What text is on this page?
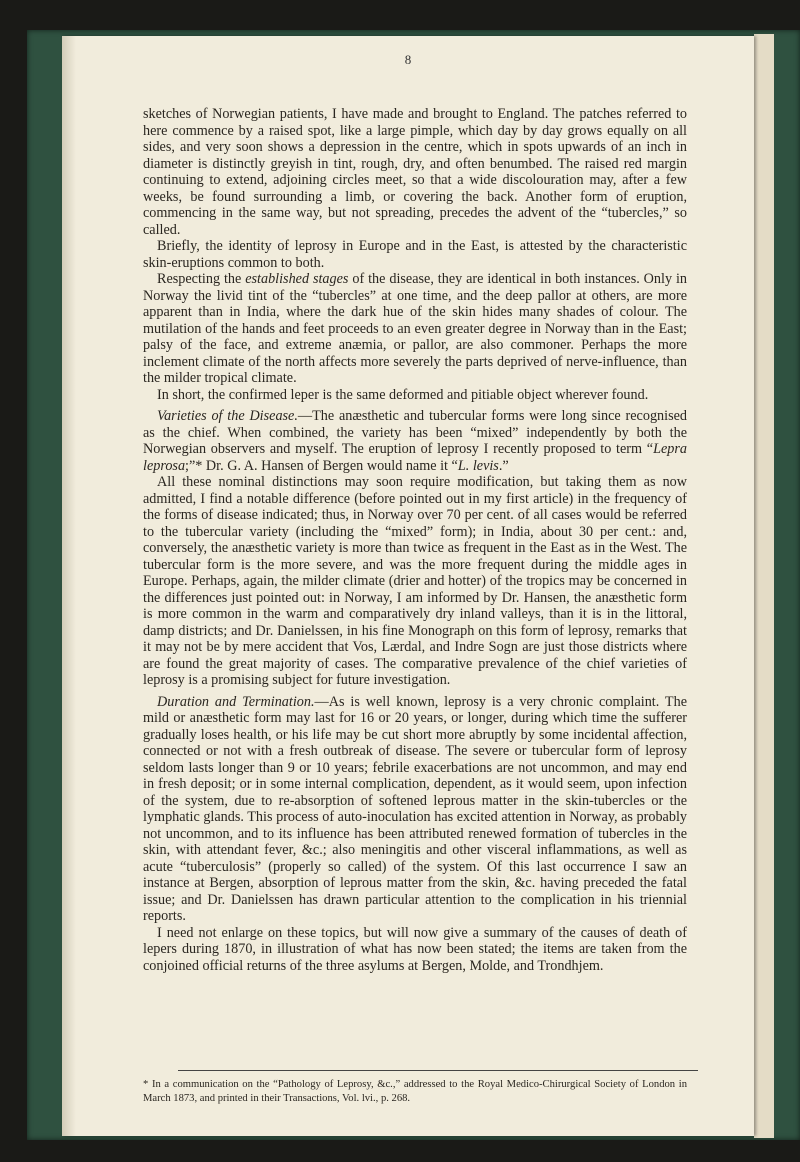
8

sketches of Norwegian patients, I have made and brought to England. The patches referred to here commence by a raised spot, like a large pimple, which day by day grows equally on all sides, and very soon shows a depression in the centre, which in spots upwards of an inch in diameter is distinctly greyish in tint, rough, dry, and often benumbed. The raised red margin continuing to extend, adjoining circles meet, so that a wide discolouration may, after a few weeks, be found surrounding a limb, or covering the back. Another form of eruption, commencing in the same way, but not spreading, precedes the advent of the “tubercles,” so called.

Briefly, the identity of leprosy in Europe and in the East, is attested by the characteristic skin-eruptions common to both.

Respecting the established stages of the disease, they are identical in both instances. Only in Norway the livid tint of the “tubercles” at one time, and the deep pallor at others, are more apparent than in India, where the dark hue of the skin hides many shades of colour. The mutilation of the hands and feet proceeds to an even greater degree in Norway than in the East; palsy of the face, and extreme anæmia, or pallor, are also commoner. Perhaps the more inclement climate of the north affects more severely the parts deprived of nerve-influence, than the milder tropical climate.

In short, the confirmed leper is the same deformed and pitiable object wherever found.

Varieties of the Disease.—The anæsthetic and tubercular forms were long since recognised as the chief. When combined, the variety has been “mixed” independently by both the Norwegian observers and myself. The eruption of leprosy I recently proposed to term “Lepra leprosa;”* Dr. G. A. Hansen of Bergen would name it “L. levis.”

All these nominal distinctions may soon require modification, but taking them as now admitted, I find a notable difference (before pointed out in my first article) in the frequency of the forms of disease indicated; thus, in Norway over 70 per cent. of all cases would be referred to the tubercular variety (including the “mixed” form); in India, about 30 per cent.: and, conversely, the anæsthetic variety is more than twice as frequent in the East as in the West. The tubercular form is the more severe, and was the more frequent during the middle ages in Europe. Perhaps, again, the milder climate (drier and hotter) of the tropics may be concerned in the differences just pointed out: in Norway, I am informed by Dr. Hansen, the anæsthetic form is more common in the warm and comparatively dry inland valleys, than it is in the littoral, damp districts; and Dr. Danielssen, in his fine Monograph on this form of leprosy, remarks that it may not be by mere accident that Vos, Lærdal, and Indre Sogn are just those districts where are found the great majority of cases. The comparative prevalence of the chief varieties of leprosy is a promising subject for future investigation.

Duration and Termination.—As is well known, leprosy is a very chronic complaint. The mild or anæsthetic form may last for 16 or 20 years, or longer, during which time the sufferer gradually loses health, or his life may be cut short more abruptly by some incidental affection, connected or not with a fresh outbreak of disease. The severe or tubercular form of leprosy seldom lasts longer than 9 or 10 years; febrile exacerbations are not uncommon, and may end in fresh deposit; or in some internal complication, dependent, as it would seem, upon infection of the system, due to re-absorption of softened leprous matter in the skin-tubercles or the lymphatic glands. This process of auto-inoculation has excited attention in Norway, as probably not uncommon, and to its influence has been attributed renewed formation of tubercles in the skin, with attendant fever, &c.; also meningitis and other visceral inflammations, as well as acute “tuberculosis” (properly so called) of the system. Of this last occurrence I saw an instance at Bergen, absorption of leprous matter from the skin, &c. having preceded the fatal issue; and Dr. Danielssen has drawn particular attention to the complication in his triennial reports.

I need not enlarge on these topics, but will now give a summary of the causes of death of lepers during 1870, in illustration of what has now been stated; the items are taken from the conjoined official returns of the three asylums at Bergen, Molde, and Trondhjem.

* In a communication on the “Pathology of Leprosy, &c.,” addressed to the Royal Medico-Chirurgical Society of London in March 1873, and printed in their Transactions, Vol. lvi., p. 268.
